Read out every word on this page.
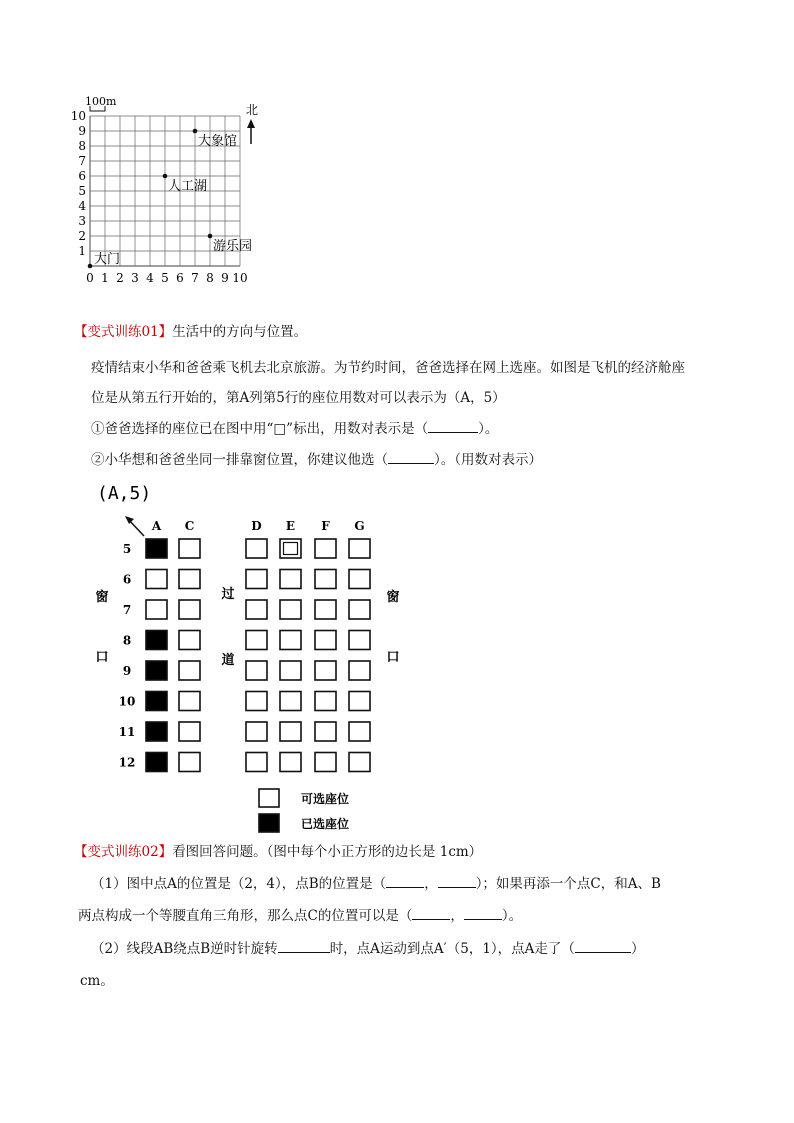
100m
北
0 1 2 3 4 5 6 7 8 9 10
1
2
3
4
5
6
7
8
9
10
大门
人工湖
大象馆
游乐园
【变式训练01】生活中的方向与位置。
疫情结束小华和爸爸乘飞机去北京旅游。为节约时间，爸爸选择在网上选座。如图是飞机的经济舱座
位是从第五行开始的，第A列第5行的座位用数对可以表示为（A，5）
①爸爸选择的座位已在图中用“□”标出，用数对表示是（	）。
②小华想和爸爸坐同一排靠窗位置，你建议他选（	）。（用数对表示）
(A,5)
A C	D E F G
5
6
7
8
9
10
11
12
窗
口
过
道
窗
口
可选座位
已选座位
【变式训练02】看图回答问题。（图中每个小正方形的边长是 1cm）
（1）图中点A的位置是（2，4），点B的位置是（	，	）；如果再添一个点C，和A、B
两点构成一个等腰直角三角形，那么点C的位置可以是（	，	）。
（2）线段AB绕点B逆时针旋转	时，点A运动到点A′（5，1），点A走了（	）
cm。
